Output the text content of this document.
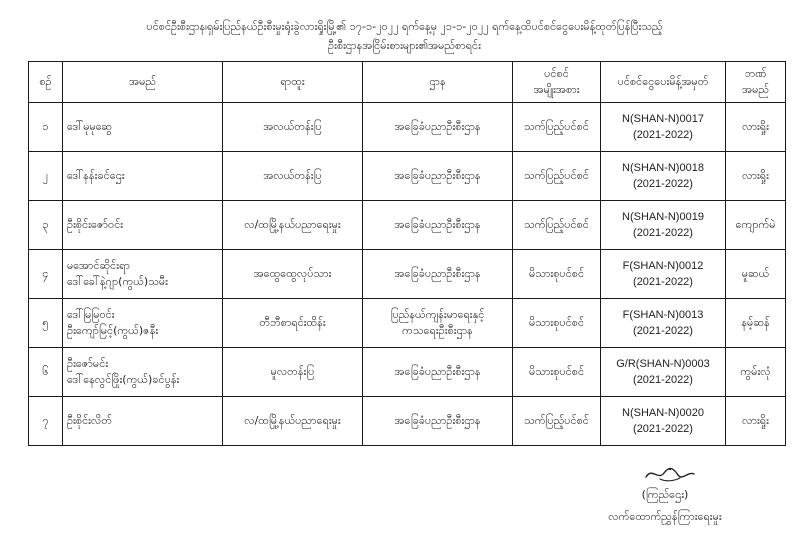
ပင်စင်ဦးစီးဌာန၊ရှမ်းပြည်နယ်ဦးစီးမှုးရုံးခွဲလားရှိုးမြို့၏ ၁၇-၁-၂၀၂၂ ရက်နေ့မှ ၂၁-၁-၂၀၂၂ ရက်နေ့ထိပင်စင်ငွေပေးမိန့်ထုတ်ပြန်ပြီးသည့်
ဦးစီးဌာနအငြိမ်းစားများ၏အမည်စာရင်း
စဉ်	အမည်	ရာထူး	ဌာန	ပင်စင်
အမျိုးအစား	ပင်စင်ငွေပေးမိန့်အမှတ်	ဘဏ်
အမည်

၁	ဒေါ်မုမုဆွေ	အလယ်တန်းပြ	အခြေခံပညာဦးစီးဌာန	သက်ပြည့်ပင်စင်	N(SHAN-N)0017
(2021-2022)	လားရှိုး
၂	ဒေါ်နန်းခင်ဌေး	အလယ်တန်းပြ	အခြေခံပညာဦးစီးဌာန	သက်ပြည့်ပင်စင်	N(SHAN-N)0018
(2021-2022)	လားရှိုး
၃	ဦးစိုင်းဇော်ဝင်း	လ/ထမြို့နယ်ပညာရေးမှုး	အခြေခံပညာဦးစီးဌာန	သက်ပြည့်ပင်စင်	N(SHAN-N)0019
(2021-2022)	ကျောက်မဲ
၄	မအောင်ဆိုင်းရာ
ဒေါ်ခေါ်နဲ့ဂျာ(ကွယ်)သမီး	အထွေထွေလုပ်သား	အခြေခံပညာဦးစီးဌာန	မိသားစုပင်စင်	F(SHAN-N)0012
(2021-2022)	မူဆယ်
၅	ဒေါ်မြမြဝင်း
ဦးကျော်မြင့်(ကွယ်)ဇနီး	တီဘီစာရင်းထိန်း	ပြည်နယ်ကျန်းမာရေးနှင့်
ကသရေးဦးစီးဌာန	မိသားစုပင်စင်	F(SHAN-N)0013
(2021-2022)	နမ့်ဆန်
၆	ဦးဇော်မင်း
ဒေါ်နေလွင်ဖြိုး(ကွယ်)ခင်ပွန်း	မူလတန်းပြ	အခြေခံပညာဦးစီးဌာန	မိသားစုပင်စင်	G/R(SHAN-N)0003
(2021-2022)	ကွမ်းလုံ
၇	ဦးစိုင်းလိတ်	လ/ထမြို့နယ်ပညာရေးမှုး	အခြေခံပညာဦးစီးဌာန	သက်ပြည့်ပင်စင်	N(SHAN-N)0020
(2021-2022)	လားရှိုး
(ကြည်ဌေး)
လက်ထောက်ညွှန်ကြားရေးမှုး
